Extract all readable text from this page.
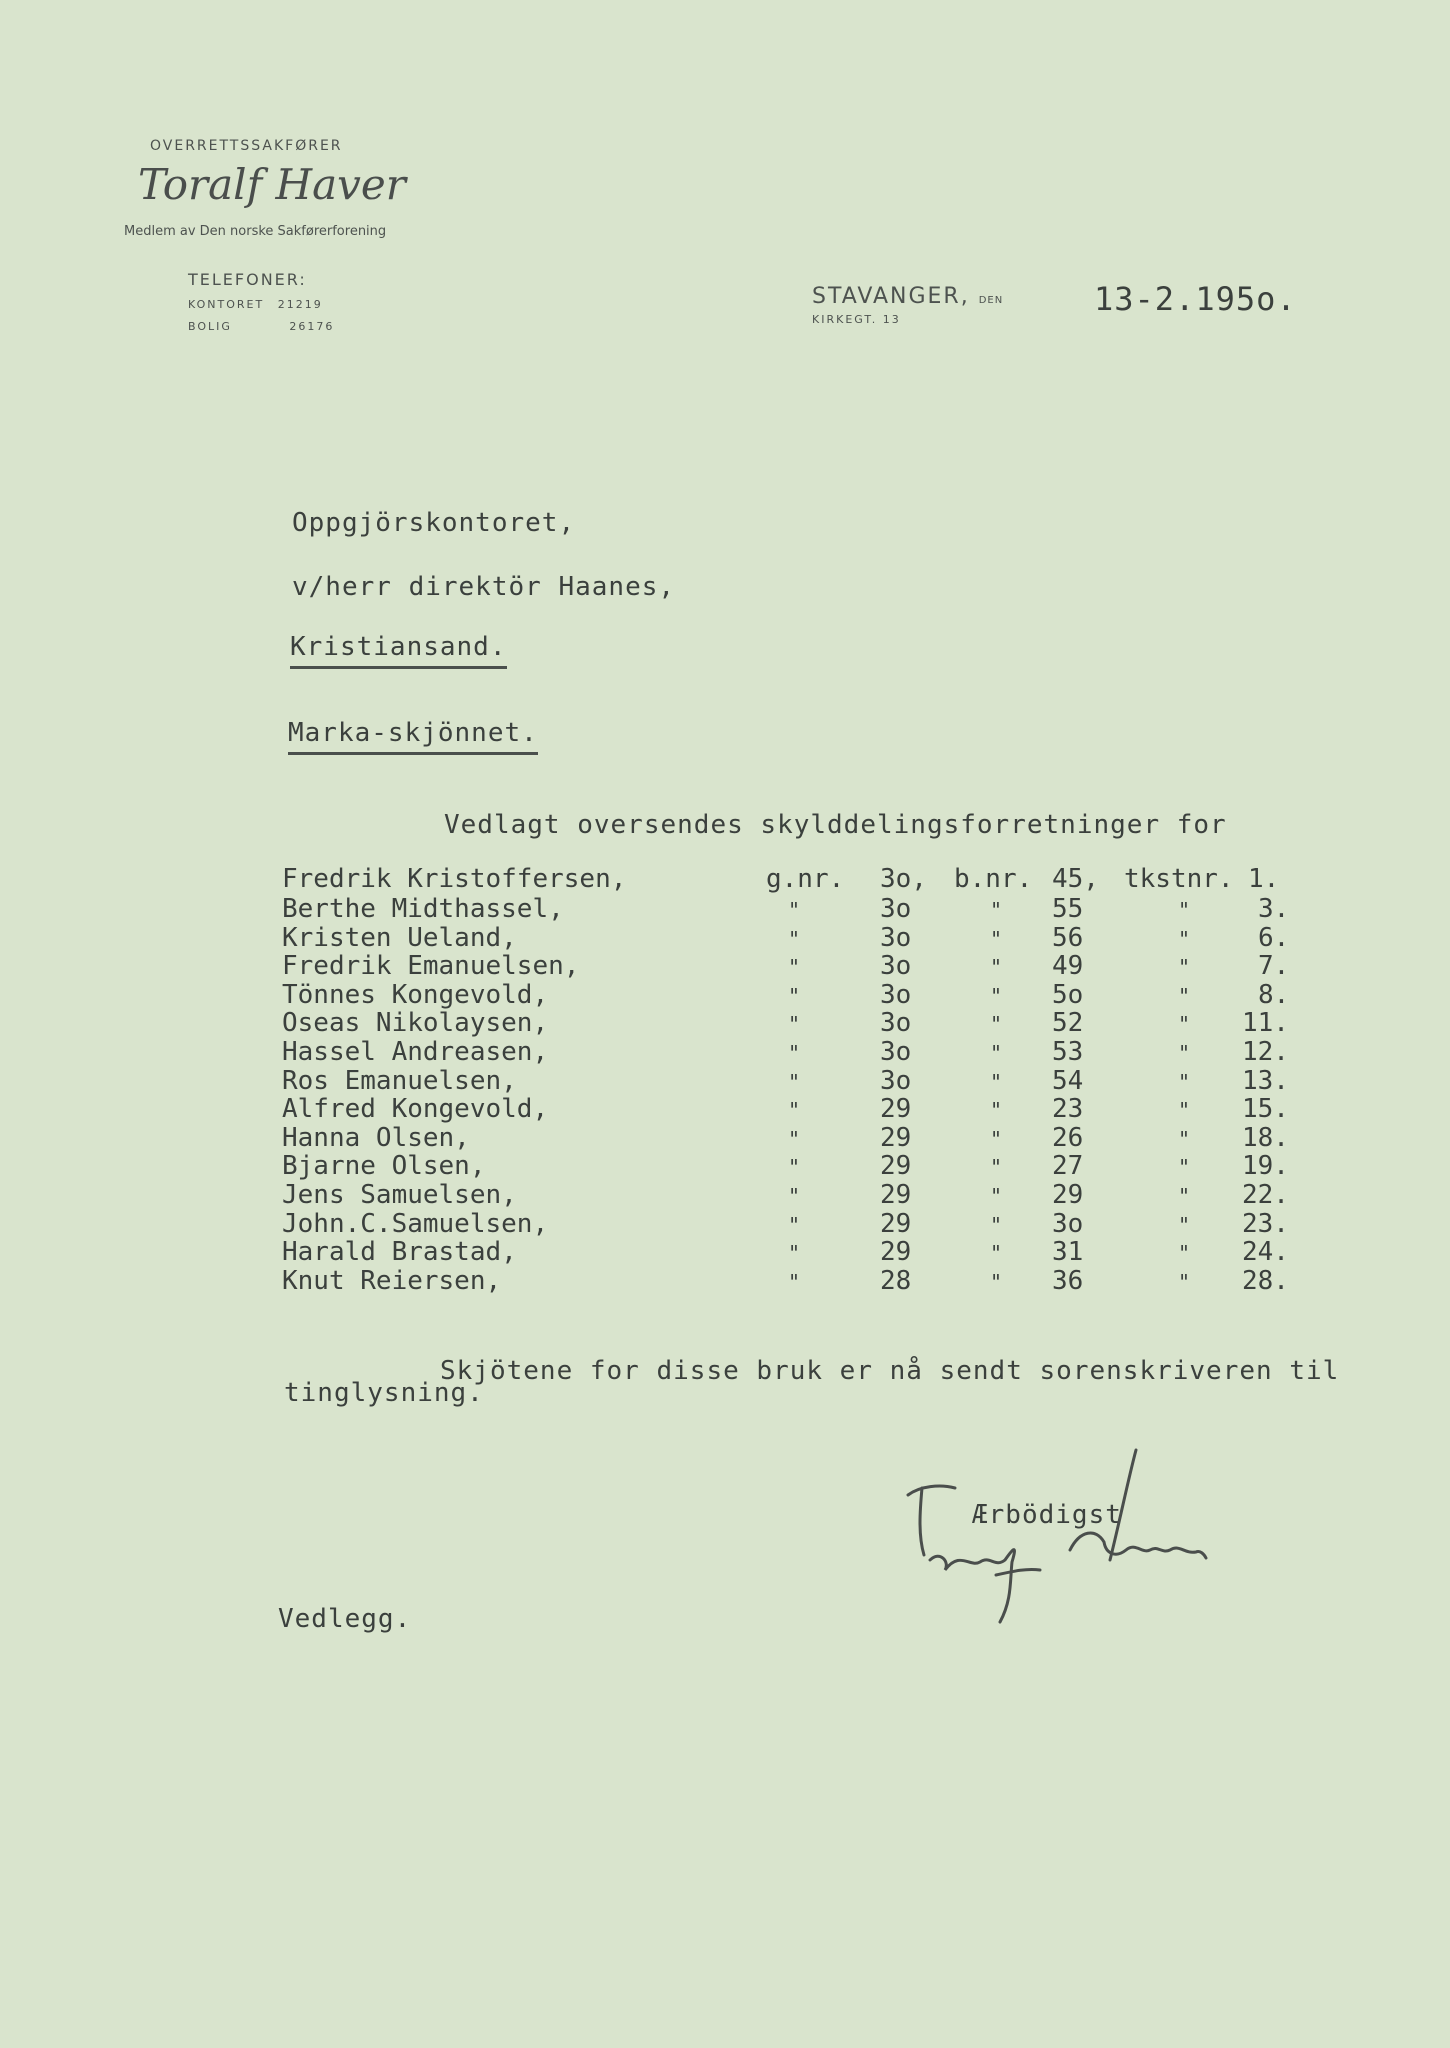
OVERRETTSSAKFØRER
Toralf Haver
Medlem av Den norske Sakførerforening
TELEFONER:
KONTORET 21219
BOLIG	26176
STAVANGER, DEN
KIRKEGT. 13
13-2.195o.
Oppgjörskontoret,
v/herr direktör Haanes,
Kristiansand.
Marka-skjönnet.
Vedlagt oversendes skylddelingsforretninger for
Fredrik Kristoffersen,	g.nr. 3o, b.nr. 45, tkstnr. 1.
Berthe Midthassel,	"	3o	" 55	"	3.
Kristen Ueland,	"	3o	" 56	"	6.
Fredrik Emanuelsen,	"	3o	" 49	"	7.
Tönnes Kongevold,	"	3o	" 5o	"	8.
Oseas Nikolaysen,	"	3o	" 52	" 11.
Hassel Andreasen,	"	3o	" 53	" 12.
Ros Emanuelsen,	"	3o	" 54	" 13.
Alfred Kongevold,	"	29	" 23	" 15.
Hanna Olsen,	"	29	" 26	" 18.
Bjarne Olsen,	"	29	" 27	" 19.
Jens Samuelsen,	"	29	" 29	" 22.
John.C.Samuelsen,	"	29	" 3o	" 23.
Harald Brastad,	"	29	" 31	" 24.
Knut Reiersen,	"	28	" 36	" 28.
Skjötene for disse bruk er nå sendt sorenskriveren til
tinglysning.
Ærbödigst
Vedlegg.
